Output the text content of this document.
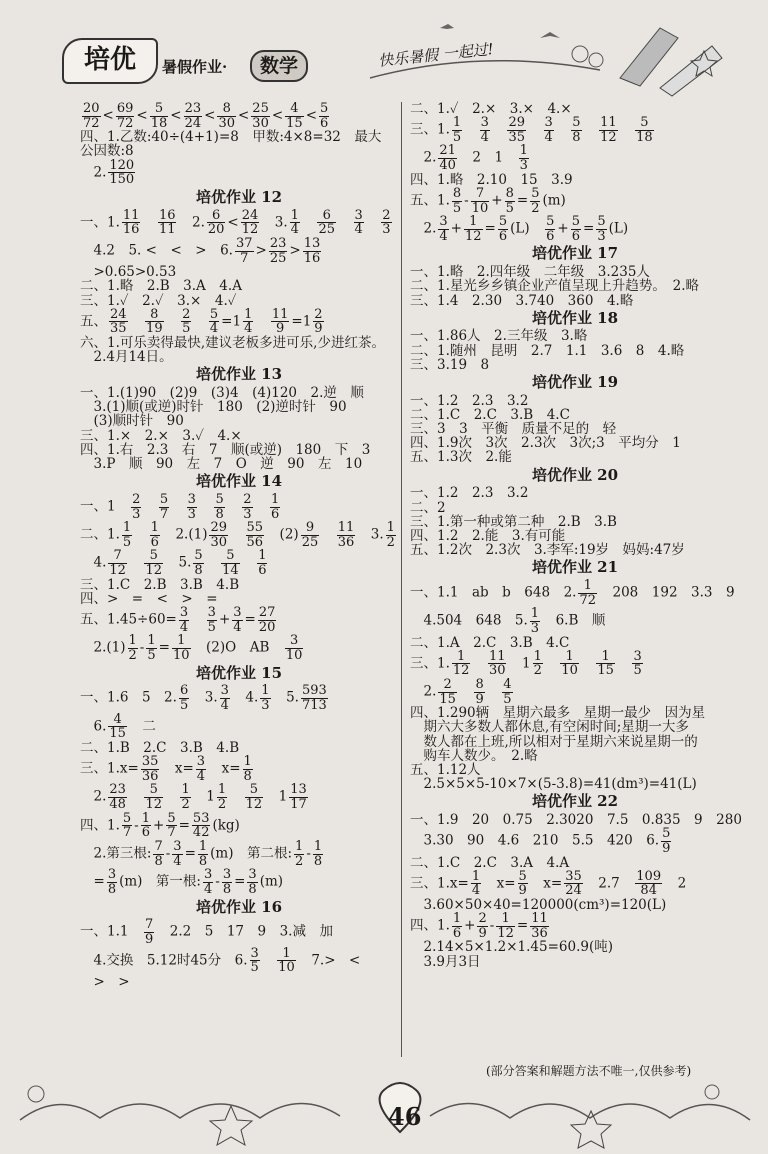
培优	暑假作业·	数学	快乐暑假 一起过!
$\frac{20}{72} < \frac{69}{72} < \frac{5}{18} < \frac{23}{24} < \frac{8}{30} < \frac{25}{30} < \frac{4}{15} < \frac{5}{6}$
四、1.乙数:40÷(4+1)=8　甲数:4×8=32　最大
公因数:8
　2. $\frac{120}{150}$
培优作业 12
一、1. $\frac{11}{16}$
　 $\frac{16}{11}$ 　2. $\frac{6}{20} < \frac{24}{12}$ 　3. $\frac{1}{4}$
　 $\frac{6}{25}$
　 $\frac{3}{4}$
　 $\frac{2}{3}$
　4.2　5. <　<　>　6. $\frac{37}{7} > \frac{23}{25} > \frac{13}{16}$
　>0.65>0.53
二、1.略　2.B　3.A　4.A
三、1.✓　2.✓　3.×　4.✓
五、 $\frac{24}{35}$
　 $\frac{8}{19}$
　 $\frac{2}{5}$
　 $\frac{5}{4} =1 \frac{1}{4}$
　 $\frac{11}{9} =1 \frac{2}{9}$
六、1.可乐卖得最快,建议老板多进可乐,少进红茶。
　2.4月14日。
培优作业 13
一、1.(1)90　(2)9　(3)4　(4)120　2.逆　顺
　3.(1)顺(或逆)时针　180　(2)逆时针　90
　(3)顺时针　90
三、1.×　2.×　3.✓　4.×
四、1.右　2.3　右　7　顺(或逆)　180　下　3
　3.P　顺　90　左　7　O　逆　90　左　10
培优作业 14
一、1　 $\frac{2}{3}$
　 $\frac{5}{7}$
　 $\frac{3}{3}$
　 $\frac{5}{8}$
　 $\frac{2}{3}$
　 $\frac{1}{6}$
二、1. $\frac{1}{5}$
　 $\frac{1}{6}$ 　$2.(1) \frac{29}{30}$
　 $\frac{55}{56}$ 　$(2) \frac{9}{25}$
　 $\frac{11}{36}$ 　3. $\frac{1}{2}$
　4. $\frac{7}{12}$
　 $\frac{5}{12}$ 　5. $\frac{5}{8}$
　 $\frac{5}{14}$
　 $\frac{1}{6}$
三、1.C　2.B　3.B　4.B
四、>　=　<　>　=
五、$1.45\div 60= \frac{3}{4}$
　 $\frac{3}{5} + \frac{3}{4} = \frac{27}{20}$
　$2.(1) \frac{1}{2} - \frac{1}{5} = \frac{1}{10}$ 　(2)O　AB　 $\frac{3}{10}$
培优作业 15
一、1.6　5　2. $\frac{6}{5}$ 　3. $\frac{3}{4}$ 　4. $\frac{1}{3}$ 　5. $\frac{593}{713}$
　6. $\frac{4}{15}$ 　二
二、1.B　2.C　3.B　4.B
三、$1.x= \frac{35}{36}$ 　$x= \frac{3}{4}$ 　$x= \frac{1}{8}$
　2. $\frac{23}{48}$
　 $\frac{5}{12}$
　 $\frac{1}{2}$ 　$1 \frac{1}{2}$
　 $\frac{5}{12}$ 　$1 \frac{13}{17}$
四、1. $\frac{5}{7} - \frac{1}{6} + \frac{5}{7} = \frac{53}{42} (kg)$
　2.第三根: $\frac{7}{8} - \frac{3}{4} = \frac{1}{8} (m)$　第二根: $\frac{1}{2} - \frac{1}{8}$
　= $\frac{3}{8} (m)$　第一根: $\frac{3}{4} - \frac{3}{8} = \frac{3}{8} (m)$
培优作业 16
一、1.1　 $\frac{7}{9}$ 　2.2　5　17　9　3.减　加
　4.交换　5.12时45分　6. $\frac{3}{5}$
　 $\frac{1}{10}$ 　7.>　<
　>　>
二、1.✓　2.×　3.×　4.×
三、1. $\frac{1}{5}$
　 $\frac{3}{4}$
　 $\frac{29}{35}$
　 $\frac{3}{4}$
　 $\frac{5}{8}$
　 $\frac{11}{12}$
　 $\frac{5}{18}$
　2. $\frac{21}{40}$ 　2　1　 $\frac{1}{3}$
四、1.略　2.10　15　3.9
五、1. $\frac{8}{5} - \frac{7}{10} + \frac{8}{5} = \frac{5}{2} (m)$
　2. $\frac{3}{4} + \frac{1}{12} = \frac{5}{6} (L)$　 $\frac{5}{6} + \frac{5}{6} = \frac{5}{3} (L)$
培优作业 17
一、1.略　2.四年级　二年级　3.235人
二、1.星光乡乡镇企业产值呈现上升趋势。　2.略
三、1.4　2.30　3.740　360　4.略
培优作业 18
一、1.86人　2.三年级　3.略
二、1.随州　昆明　2.7　1.1　3.6　8　4.略
三、3.19　8
培优作业 19
一、1.2　2.3　3.2
二、1.C　2.C　3.B　4.C
三、3　3　平衡　质量不足的　轻
四、1.9次　3次　2.3次　3次;3　平均分　1
五、1.3次　2.能
培优作业 20
一、1.2　2.3　3.2
二、2
三、1.第一种或第二种　2.B　3.B
四、1.2　2.能　3.有可能
五、1.2次　2.3次　3.李军:19岁　妈妈:47岁
培优作业 21
一、1.1　ab　b　648　2. $\frac{1}{72}$ 　208　192　3.3　9
　4.504　648　5. $\frac{1}{3}$ 　6.B　顺
二、1.A　2.C　3.B　4.C
三、1. $\frac{1}{12}$
　 $\frac{11}{30}$ 　$1 \frac{1}{2}$
　 $\frac{1}{10}$
　 $\frac{1}{15}$
　 $\frac{3}{5}$
　2. $\frac{2}{15}$
　 $\frac{8}{9}$
　 $\frac{4}{5}$
四、1.290辆　星期六最多　星期一最少　因为星
　期六大多数人都休息,有空闲时间;星期一大多
　数人都在上班,所以相对于星期六来说星期一的
　购车人数少。　2.略
五、1.12人
　2.5×5×5-10×7×(5-3.8)=41(dm³)=41(L)
培优作业 22
一、1.9　20　0.75　2.3020　7.5　0.835　9　280
　3.30　90　4.6　210　5.5　420　6. $\frac{5}{9}$
二、1.C　2.C　3.A　4.A
三、$1.x= \frac{1}{4}$ 　$x= \frac{5}{9}$ 　$x= \frac{35}{24}$ 　2.7　 $\frac{109}{84}$ 　2
　3.60×50×40=120000(cm³)=120(L)
四、1. $\frac{1}{6} + \frac{2}{9} - \frac{1}{12} = \frac{11}{36}$
　2.14×5×1.2×1.45=60.9(吨)
　3.9月3日
(部分答案和解题方法不唯一,仅供参考)
46
